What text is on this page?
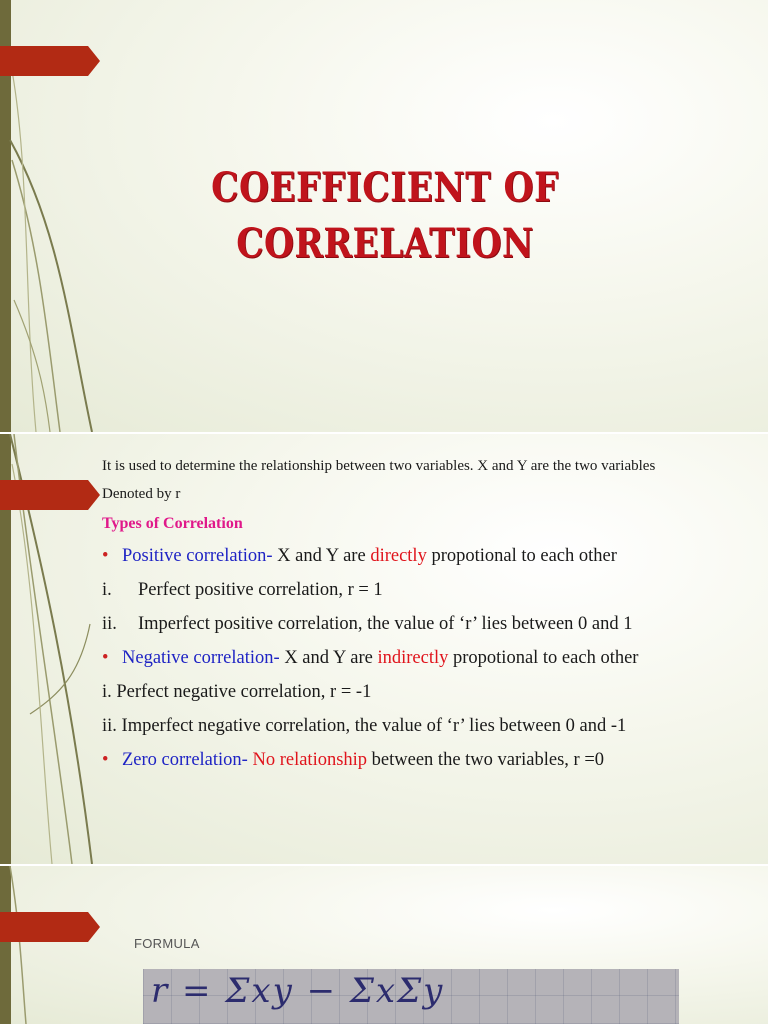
COEFFICIENT OF
CORRELATION

It is used to determine the relationship between two variables. X and Y are the two variables

Denoted by r

Types of Correlation

• Positive correlation- X and Y are directly propotional to each other

i. Perfect positive correlation, r = 1

ii. Imperfect positive correlation, the value of ‘r’ lies between 0 and 1

• Negative correlation- X and Y are indirectly propotional to each other

i. Perfect negative correlation, r = -1

ii. Imperfect negative correlation, the value of ‘r’ lies between 0 and -1

• Zero correlation- No relationship between the two variables, r =0

FORMULA
r = Σxy − ΣxΣy
